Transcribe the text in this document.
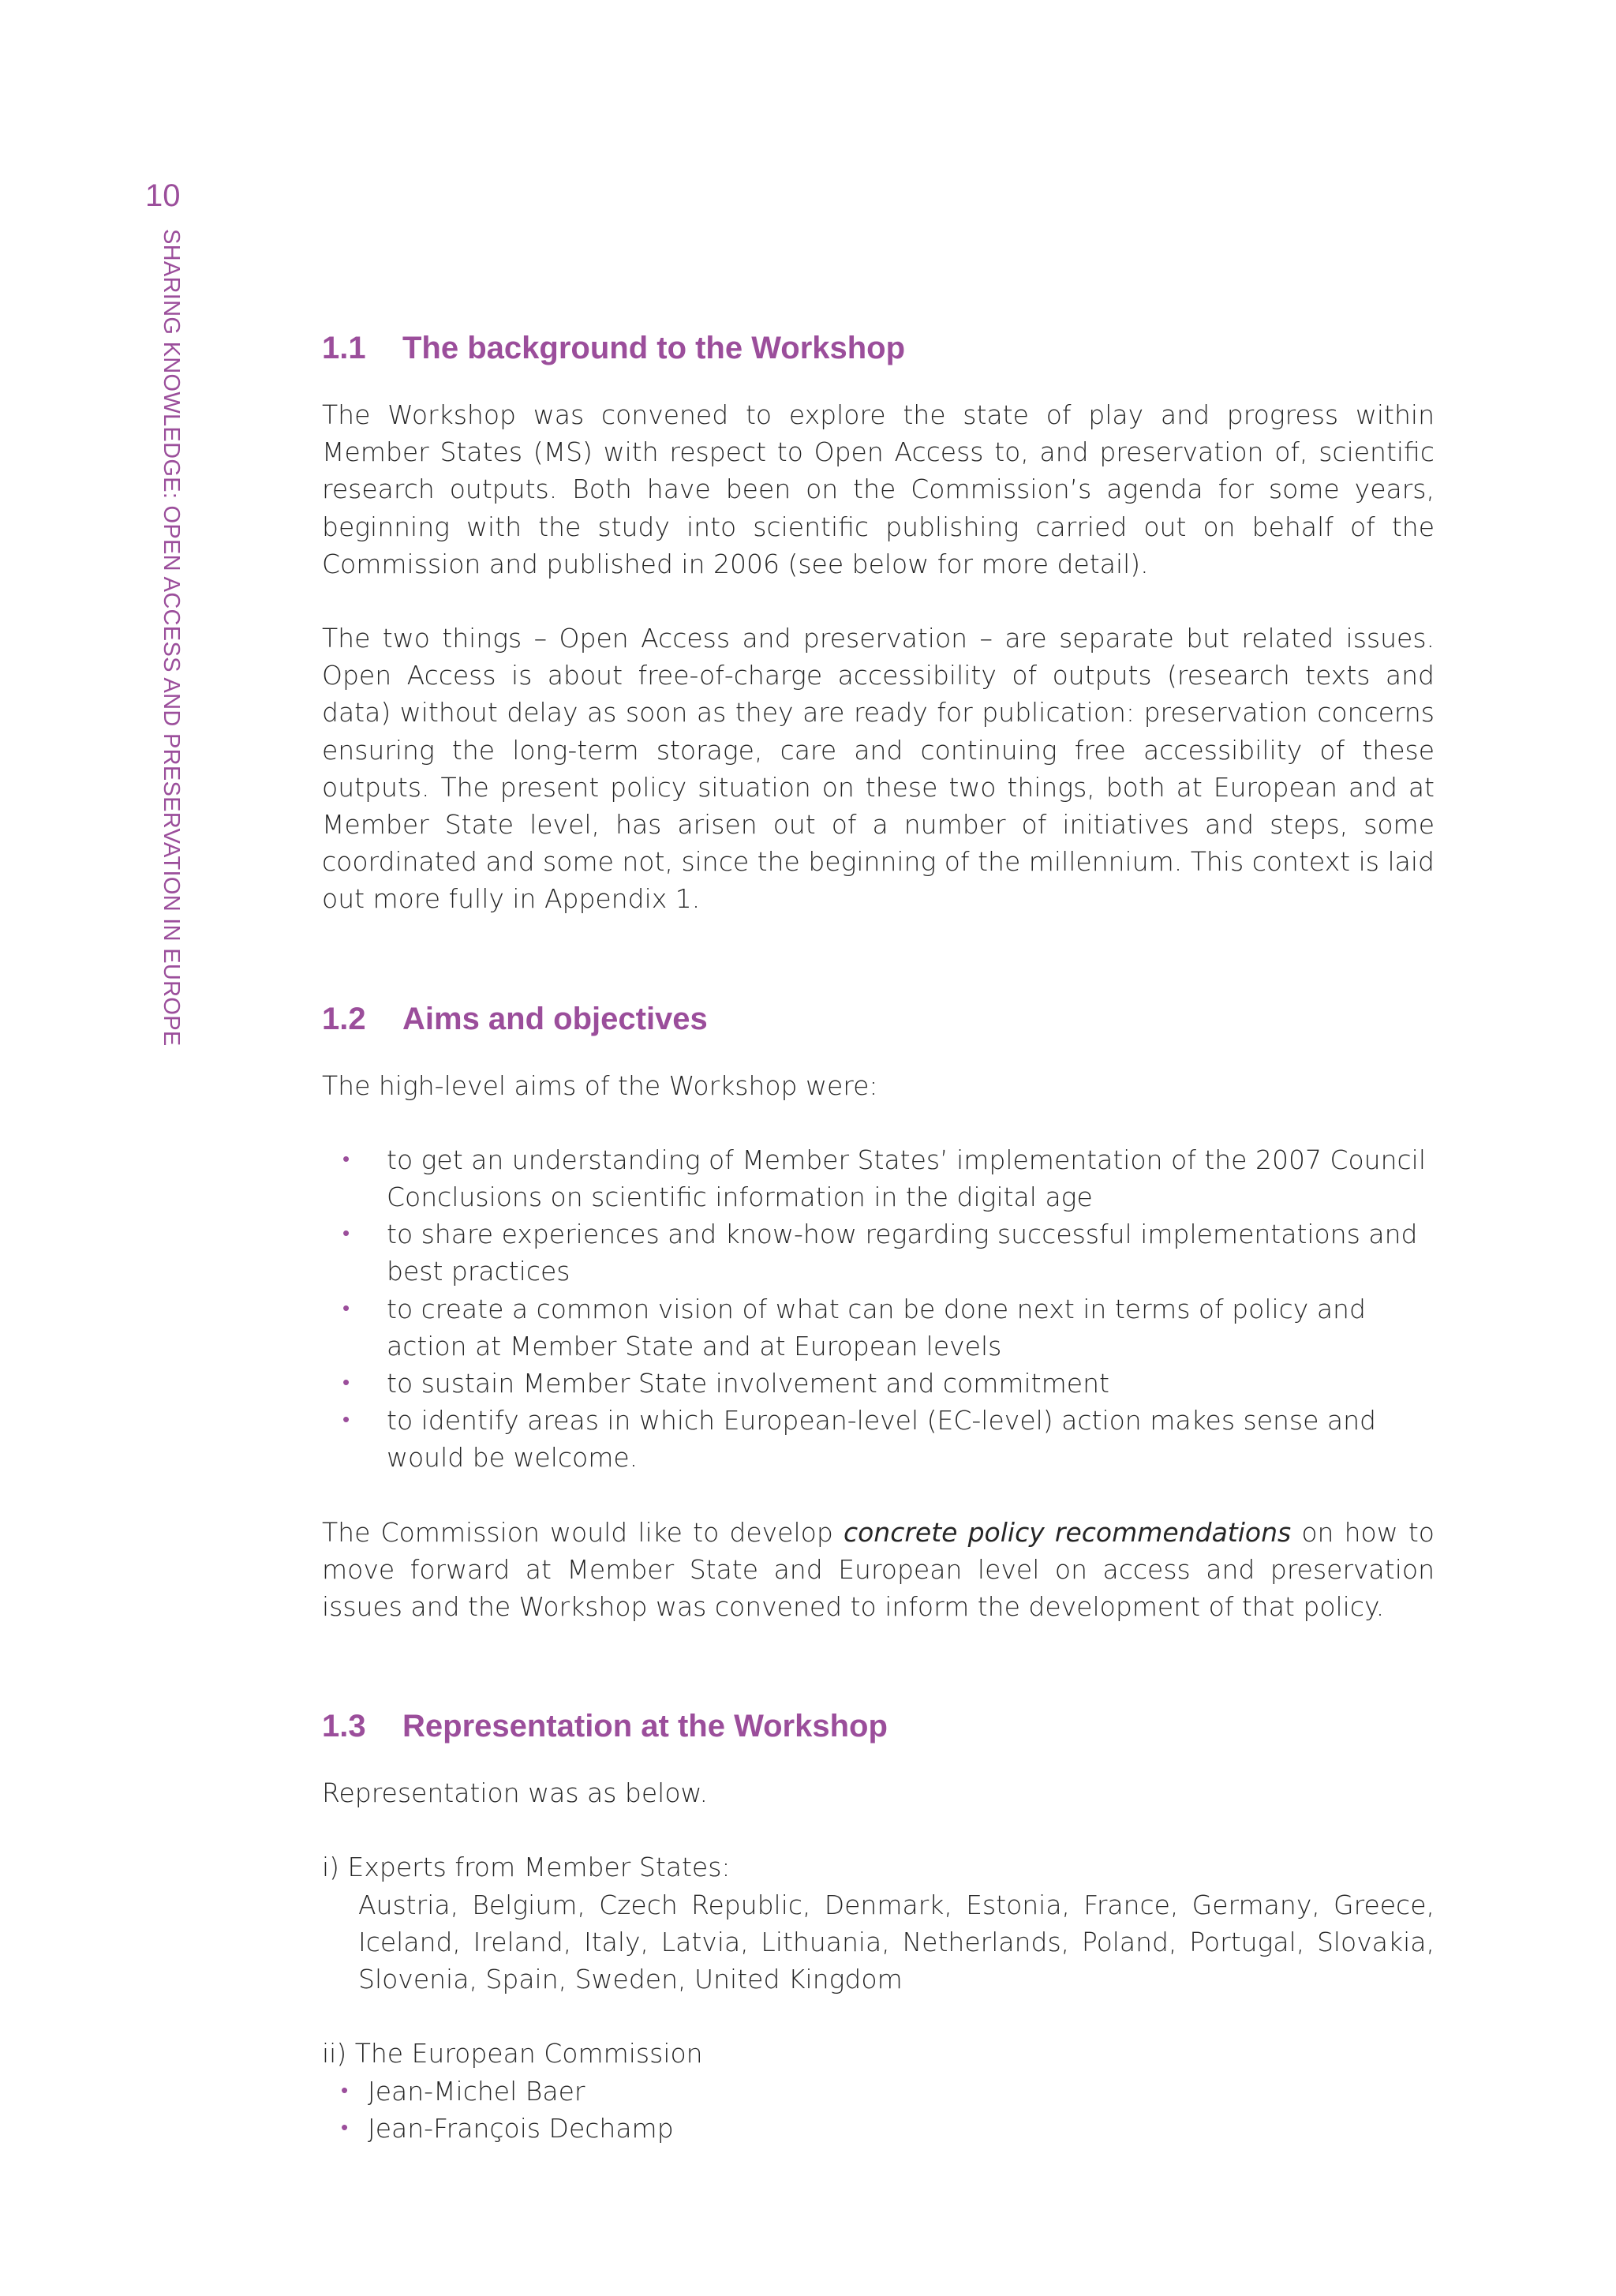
10
SHARING KNOWLEDGE: OPEN ACCESS AND PRESERVATION IN EUROPE	1.1 The background to the Workshop

The Workshop was convened to explore the state of play and progress within Member States (MS) with respect to Open Access to, and preservation of, scientific research outputs. Both have been on the Commission’s agenda for some years, beginning with the study into scientific publishing carried out on behalf of the Commission and published in 2006 (see below for more detail).

The two things – Open Access and preservation – are separate but related issues. Open Access is about free-of-charge accessibility of outputs (research texts and data) without delay as soon as they are ready for publication: preservation concerns ensuring the long-term storage, care and continuing free accessibility of these outputs. The present policy situation on these two things, both at European and at Member State level, has arisen out of a number of initiatives and steps, some coordinated and some not, since the beginning of the millennium. This context is laid out more fully in Appendix 1.

1.2 Aims and objectives

The high-level aims of the Workshop were:

• to get an understanding of Member States’ implementation of the 2007 Council Conclusions on scientific information in the digital age
• to share experiences and know-how regarding successful implementations and best practices
• to create a common vision of what can be done next in terms of policy and action at Member State and at European levels
• to sustain Member State involvement and commitment
• to identify areas in which European-level (EC-level) action makes sense and would be welcome.

The Commission would like to develop concrete policy recommendations on how to move forward at Member State and European level on access and preservation issues and the Workshop was convened to inform the development of that policy.

1.3 Representation at the Workshop

Representation was as below.

i) Experts from Member States:

Austria, Belgium, Czech Republic, Denmark, Estonia, France, Germany, Greece, Iceland, Ireland, Italy, Latvia, Lithuania, Netherlands, Poland, Portugal, Slovakia, Slovenia, Spain, Sweden, United Kingdom

ii) The European Commission
• Jean-Michel Baer
• Jean-François Dechamp
